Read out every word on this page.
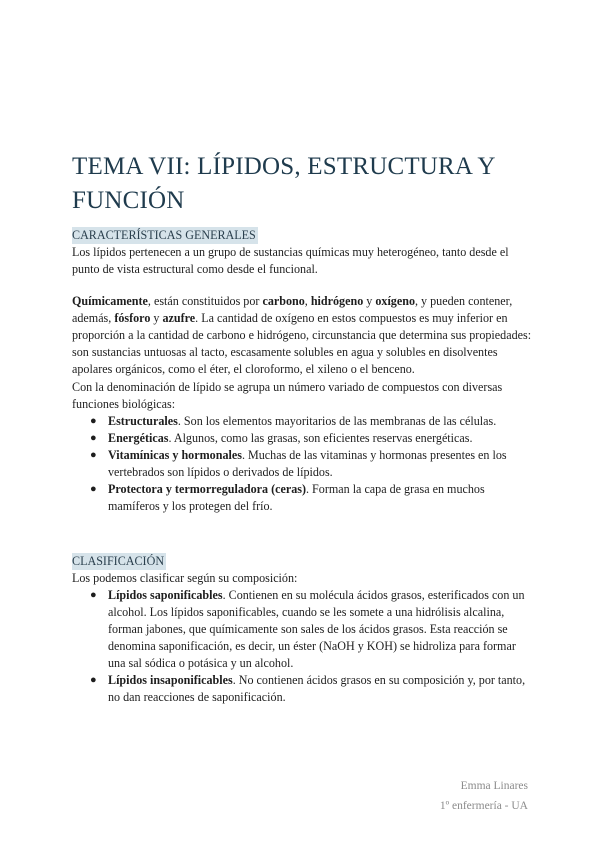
TEMA VII: LÍPIDOS, ESTRUCTURA Y
FUNCIÓN
CARACTERÍSTICAS GENERALES

Los lípidos pertenecen a un grupo de sustancias químicas muy heterogéneo, tanto desde el punto de vista estructural como desde el funcional.

Químicamente, están constituidos por carbono, hidrógeno y oxígeno, y pueden contener, además, fósforo y azufre. La cantidad de oxígeno en estos compuestos es muy inferior en proporción a la cantidad de carbono e hidrógeno, circunstancia que determina sus propiedades: son sustancias untuosas al tacto, escasamente solubles en agua y solubles en disolventes apolares orgánicos, como el éter, el cloroformo, el xileno o el benceno.

Con la denominación de lípido se agrupa un número variado de compuestos con diversas funciones biológicas:

● Estructurales. Son los elementos mayoritarios de las membranas de las células.
● Energéticas. Algunos, como las grasas, son eficientes reservas energéticas.
● Vitamínicas y hormonales. Muchas de las vitaminas y hormonas presentes en los vertebrados son lípidos o derivados de lípidos.
● Protectora y termorreguladora (ceras). Forman la capa de grasa en muchos mamíferos y los protegen del frío.
CLASIFICACIÓN

Los podemos clasificar según su composición:

● Lípidos saponificables. Contienen en su molécula ácidos grasos, esterificados con un alcohol. Los lípidos saponificables, cuando se les somete a una hidrólisis alcalina, forman jabones, que químicamente son sales de los ácidos grasos. Esta reacción se denomina saponificación, es decir, un éster (NaOH y KOH) se hidroliza para formar una sal sódica o potásica y un alcohol.
● Lípidos insaponificables. No contienen ácidos grasos en su composición y, por tanto, no dan reacciones de saponificación.
Emma Linares
1º enfermería - UA
